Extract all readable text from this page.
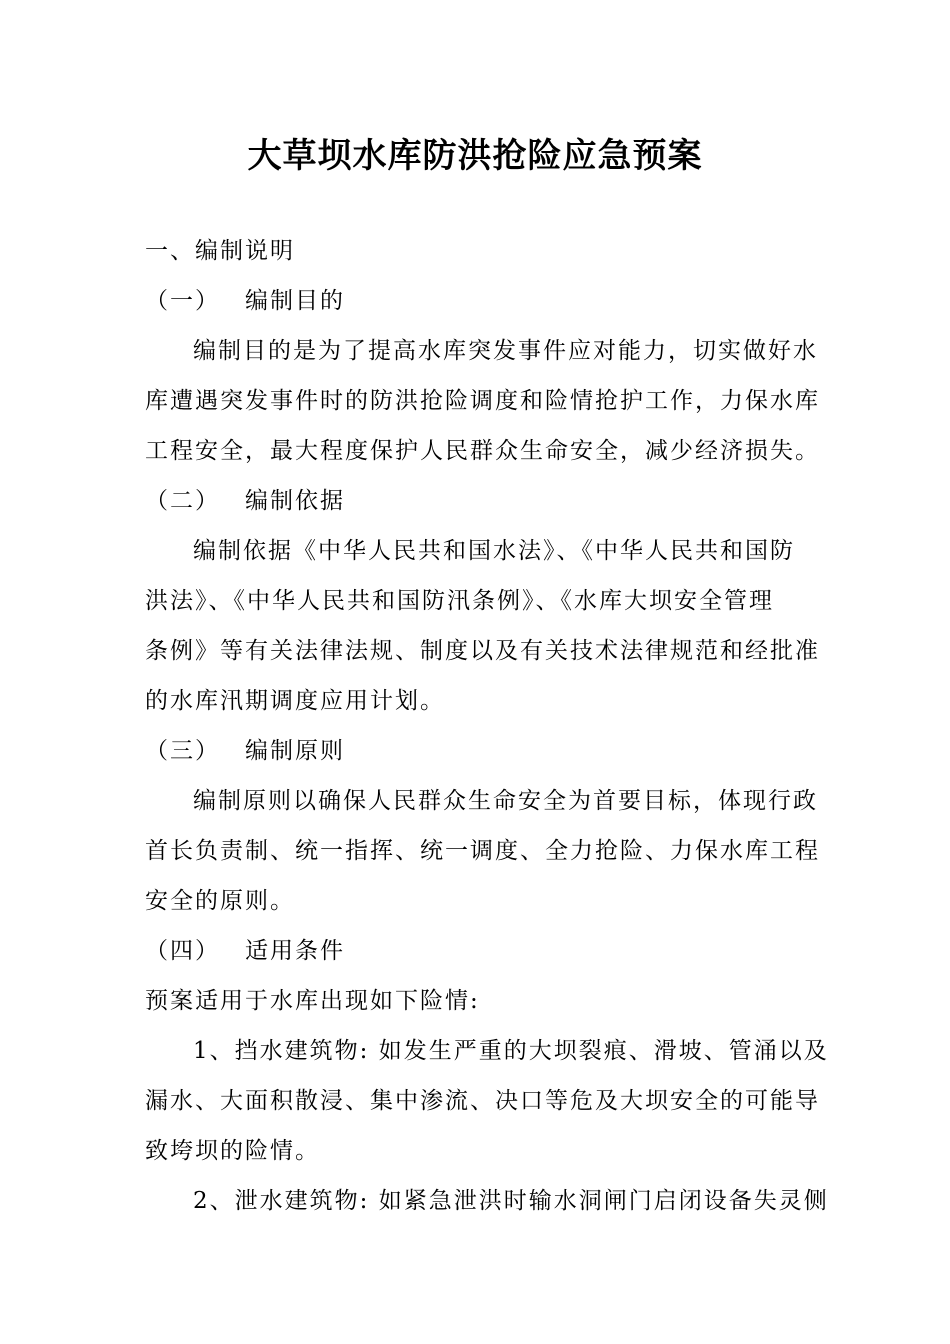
大草坝水库防洪抢险应急预案
一、编制说明
（一） 编制目的
编制目的是为了提高水库突发事件应对能力，切实做好水
库遭遇突发事件时的防洪抢险调度和险情抢护工作，力保水库
工程安全，最大程度保护人民群众生命安全，减少经济损失。
（二） 编制依据
编制依据《中华人民共和国水法》、《中华人民共和国防
洪法》、《中华人民共和国防汛条例》、《水库大坝安全管理
条例》等有关法律法规、制度以及有关技术法律规范和经批准
的水库汛期调度应用计划。
（三） 编制原则
编制原则以确保人民群众生命安全为首要目标，体现行政
首长负责制、统一指挥、统一调度、全力抢险、力保水库工程
安全的原则。
（四） 适用条件
预案适用于水库出现如下险情:
1、挡水建筑物: 如发生严重的大坝裂痕、滑坡、管涌以及
漏水、大面积散浸、集中渗流、决口等危及大坝安全的可能导
致垮坝的险情。
2、泄水建筑物: 如紧急泄洪时输水洞闸门启闭设备失灵侧
